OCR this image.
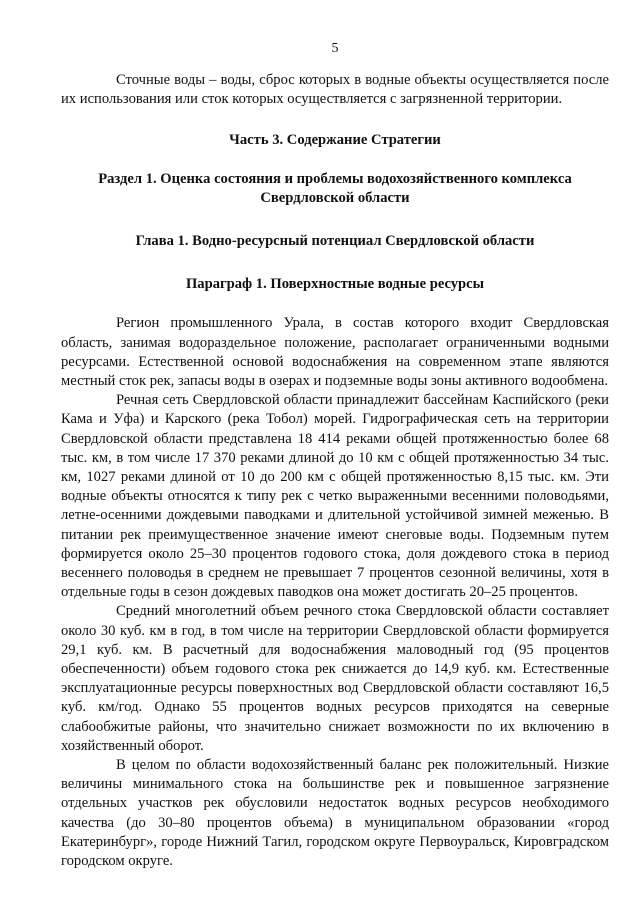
5

Сточные воды – воды, сброс которых в водные объекты осуществляется после их использования или сток которых осуществляется с загрязненной территории.

Часть 3. Содержание Стратегии

Раздел 1. Оценка состояния и проблемы водохозяйственного комплекса

Свердловской области

Глава 1. Водно-ресурсный потенциал Свердловской области

Параграф 1. Поверхностные водные ресурсы

Регион промышленного Урала, в состав которого входит Свердловская область, занимая водораздельное положение, располагает ограниченными водными ресурсами. Естественной основой водоснабжения на современном этапе являются местный сток рек, запасы воды в озерах и подземные воды зоны активного водообмена.

Речная сеть Свердловской области принадлежит бассейнам Каспийского (реки Кама и Уфа) и Карского (река Тобол) морей. Гидрографическая сеть на территории Свердловской области представлена 18 414 реками общей протяженностью более 68 тыс. км, в том числе 17 370 реками длиной до 10 км с общей протяженностью 34 тыс. км, 1027 реками длиной от 10 до 200 км с общей протяженностью 8,15 тыс. км. Эти водные объекты относятся к типу рек с четко выраженными весенними половодьями, летне-осенними дождевыми паводками и длительной устойчивой зимней меженью. В питании рек преимущественное значение имеют снеговые воды. Подземным путем формируется около 25–30 процентов годового стока, доля дождевого стока в период весеннего половодья в среднем не превышает 7 процентов сезонной величины, хотя в отдельные годы в сезон дождевых паводков она может достигать 20–25 процентов.

Средний многолетний объем речного стока Свердловской области составляет около 30 куб. км в год, в том числе на территории Свердловской области формируется 29,1 куб. км. В расчетный для водоснабжения маловодный год (95 процентов обеспеченности) объем годового стока рек снижается до 14,9 куб. км. Естественные эксплуатационные ресурсы поверхностных вод Свердловской области составляют 16,5 куб. км/год. Однако 55 процентов водных ресурсов приходятся на северные слабообжитые районы, что значительно снижает возможности по их включению в хозяйственный оборот.

В целом по области водохозяйственный баланс рек положительный. Низкие величины минимального стока на большинстве рек и повышенное загрязнение отдельных участков рек обусловили недостаток водных ресурсов необходимого качества (до 30–80 процентов объема) в муниципальном образовании «город Екатеринбург», городе Нижний Тагил, городском округе Первоуральск, Кировградском городском округе.
